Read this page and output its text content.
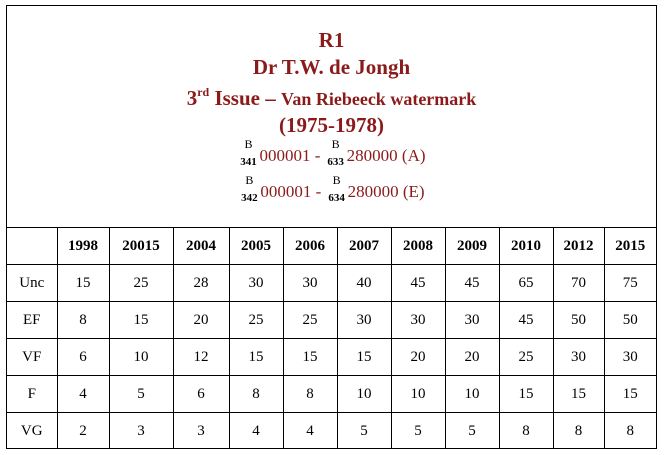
R1
Dr T.W. de Jongh
3rd Issue – Van Riebeeck watermark
(1975-1978)
B
341 000001 -
B
633 280000 (A)
B
342 000001 -
B
634 280000 (E)
	1998	20015	2004	2005	2006	2007	2008	2009	2010	2012	2015
Unc	15	25	28	30	30	40	45	45	65	70	75
EF	8	15	20	25	25	30	30	30	45	50	50
VF	6	10	12	15	15	15	20	20	25	30	30
F	4	5	6	8	8	10	10	10	15	15	15
VG	2	3	3	4	4	5	5	5	8	8	8
